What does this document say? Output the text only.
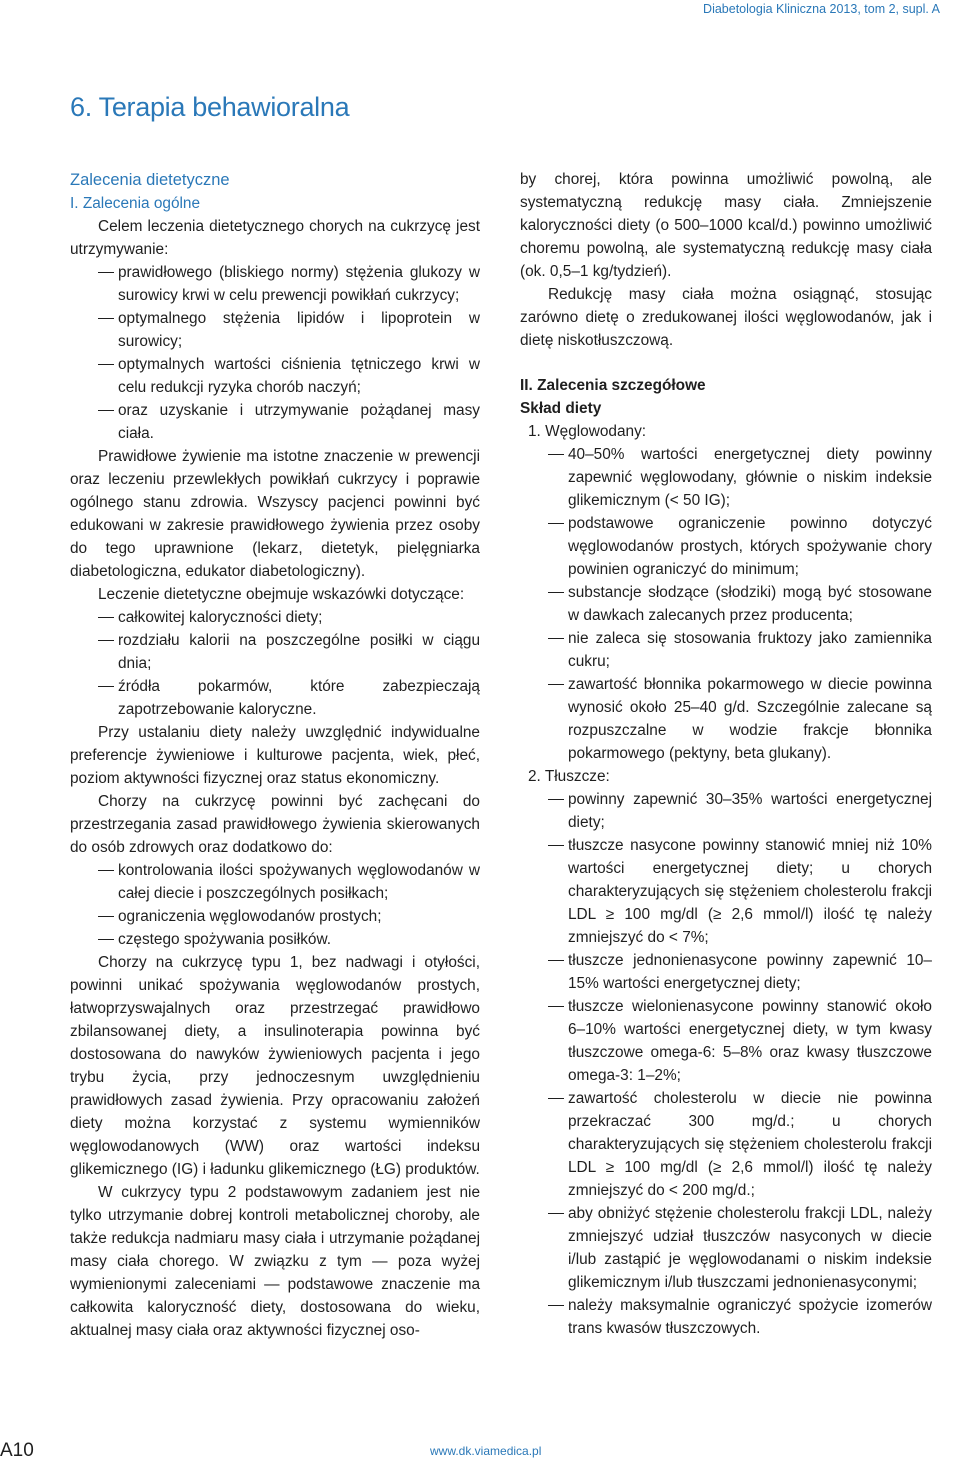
Diabetologia Kliniczna 2013, tom 2, supl. A
6. Terapia behawioralna
Zalecenia dietetyczne
I. Zalecenia ogólne

Celem leczenia dietetycznego chorych na cukrzycę jest utrzymywanie:

prawidłowego (bliskiego normy) stężenia glukozy w surowicy krwi w celu prewencji powikłań cukrzycy;
optymalnego stężenia lipidów i lipoprotein w surowicy;
optymalnych wartości ciśnienia tętniczego krwi w celu redukcji ryzyka chorób naczyń;
oraz uzyskanie i utrzymywanie pożądanej masy ciała.

Prawidłowe żywienie ma istotne znaczenie w prewencji oraz leczeniu przewlekłych powikłań cukrzycy i poprawie ogólnego stanu zdrowia. Wszyscy pacjenci powinni być edukowani w zakresie prawidłowego żywienia przez osoby do tego uprawnione (lekarz, dietetyk, pielęgniarka diabetologiczna, edukator diabetologiczny).

Leczenie dietetyczne obejmuje wskazówki dotyczące:

całkowitej kaloryczności diety;
rozdziału kalorii na poszczególne posiłki w ciągu dnia;
źródła pokarmów, które zabezpieczają zapotrzebowanie kaloryczne.

Przy ustalaniu diety należy uwzględnić indywidualne preferencje żywieniowe i kulturowe pacjenta, wiek, płeć, poziom aktywności fizycznej oraz status ekonomiczny.

Chorzy na cukrzycę powinni być zachęcani do przestrzegania zasad prawidłowego żywienia skierowanych do osób zdrowych oraz dodatkowo do:

kontrolowania ilości spożywanych węglowodanów w całej diecie i poszczególnych posiłkach;
ograniczenia węglowodanów prostych;
częstego spożywania posiłków.

Chorzy na cukrzycę typu 1, bez nadwagi i otyłości, powinni unikać spożywania węglowodanów prostych, łatwoprzyswajalnych oraz przestrzegać prawidłowo zbilansowanej diety, a insulinoterapia powinna być dostosowana do nawyków żywieniowych pacjenta i jego trybu życia, przy jednoczesnym uwzględnieniu prawidłowych zasad żywienia. Przy opracowaniu założeń diety można korzystać z systemu wymienników węglowodanowych (WW) oraz wartości indeksu glikemicznego (IG) i ładunku glikemicznego (ŁG) produktów.

W cukrzycy typu 2 podstawowym zadaniem jest nie tylko utrzymanie dobrej kontroli metabolicznej choroby, ale także redukcja nadmiaru masy ciała i utrzymanie pożądanej masy ciała chorego. W związku z tym — poza wyżej wymienionymi zaleceniami — podstawowe znaczenie ma całkowita kaloryczność diety, dostosowana do wieku, aktualnej masy ciała oraz aktywności fizycznej oso-

by chorej, która powinna umożliwić powolną, ale systematyczną redukcję masy ciała. Zmniejszenie kaloryczności diety (o 500–1000 kcal/d.) powinno umożliwić choremu powolną, ale systematyczną redukcję masy ciała (ok. 0,5–1 kg/tydzień).

Redukcję masy ciała można osiągnąć, stosując zarówno dietę o zredukowanej ilości węglowodanów, jak i dietę niskotłuszczową.

II. Zalecenia szczegółowe
Skład diety
1. Węglowodany:
40–50% wartości energetycznej diety powinny zapewnić węglowodany, głównie o niskim indeksie glikemicznym (< 50 IG);
podstawowe ograniczenie powinno dotyczyć węglowodanów prostych, których spożywanie chory powinien ograniczyć do minimum;
substancje słodzące (słodziki) mogą być stosowane w dawkach zalecanych przez producenta;
nie zaleca się stosowania fruktozy jako zamiennika cukru;
zawartość błonnika pokarmowego w diecie powinna wynosić około 25–40 g/d. Szczególnie zalecane są rozpuszczalne w wodzie frakcje błonnika pokarmowego (pektyny, beta glukany).
2. Tłuszcze:
powinny zapewnić 30–35% wartości energetycznej diety;
tłuszcze nasycone powinny stanowić mniej niż 10% wartości energetycznej diety; u chorych charakteryzujących się stężeniem cholesterolu frakcji LDL ≥ 100 mg/dl (≥ 2,6 mmol/l) ilość tę należy zmniejszyć do < 7%;
tłuszcze jednonienasycone powinny zapewnić 10–15% wartości energetycznej diety;
tłuszcze wielonienasycone powinny stanowić około 6–10% wartości energetycznej diety, w tym kwasy tłuszczowe omega-6: 5–8% oraz kwasy tłuszczowe omega-3: 1–2%;
zawartość cholesterolu w diecie nie powinna przekraczać 300 mg/d.; u chorych charakteryzujących się stężeniem cholesterolu frakcji LDL ≥ 100 mg/dl (≥ 2,6 mmol/l) ilość tę należy zmniejszyć do < 200 mg/d.;
aby obniżyć stężenie cholesterolu frakcji LDL, należy zmniejszyć udział tłuszczów nasyconych w diecie i/lub zastąpić je węglowodanami o niskim indeksie glikemicznym i/lub tłuszczami jednonienasyconymi;
należy maksymalnie ograniczyć spożycie izomerów trans kwasów tłuszczowych.
A10	www.dk.viamedica.pl
